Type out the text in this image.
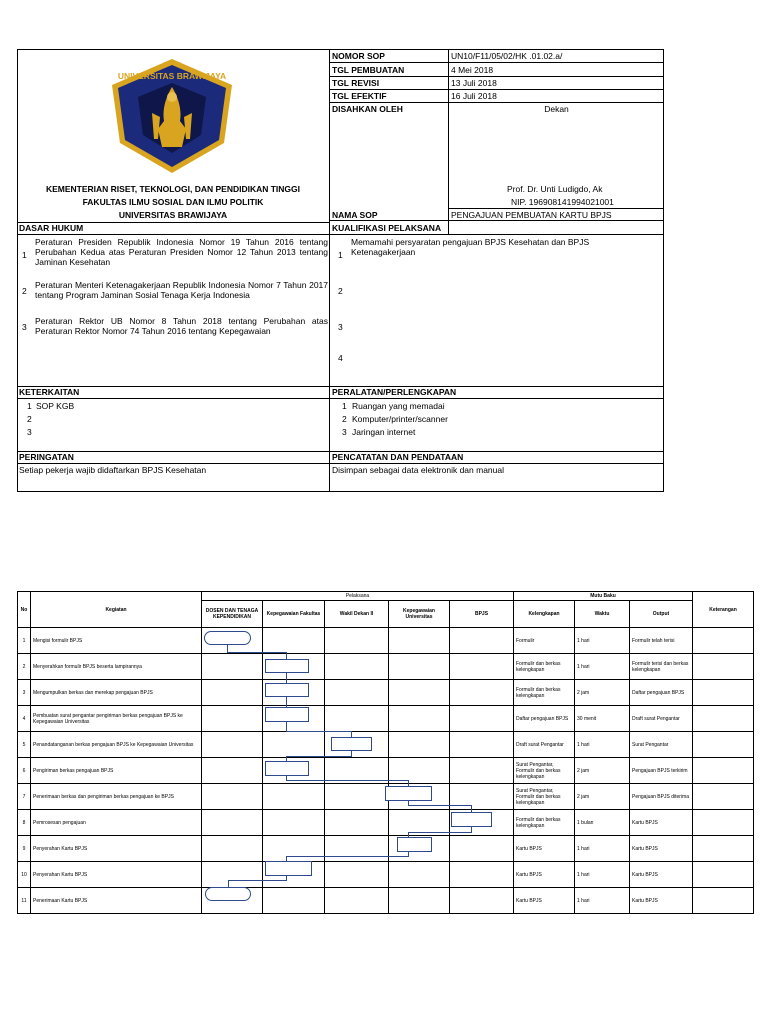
UNIVERSITAS BRAWIJAYA
KEMENTERIAN RISET, TEKNOLOGI, DAN PENDIDIKAN TINGGI
FAKULTAS ILMU SOSIAL DAN ILMU POLITIK
UNIVERSITAS BRAWIJAYA
NOMOR SOP	UN10/F11/05/02/HK .01.02.a/
TGL PEMBUATAN	4 Mei 2018
TGL REVISI	13 Juli 2018
TGL EFEKTIF	16 Juli 2018
DISAHKAN OLEH	Dekan
Prof. Dr. Unti Ludigdo, Ak
NIP. 196908141994021001
NAMA SOP	PENGAJUAN PEMBUATAN KARTU BPJS
DASAR HUKUM	KUALIFIKASI PELAKSANA
1
Peraturan Presiden Republik Indonesia Nomor 19 Tahun 2016 tentang Perubahan Kedua atas Peraturan Presiden Nomor 12 Tahun 2013 tentang Jaminan Kesehatan
2
Peraturan Menteri Ketenagakerjaan Republik Indonesia Nomor 7 Tahun 2017 tentang Program Jaminan Sosial Tenaga Kerja Indonesia
3
Peraturan Rektor UB Nomor 8 Tahun 2018 tentang Perubahan atas Peraturan Rektor Nomor 74 Tahun 2016 tentang Kepegawaian
1
Memamahi persyaratan pengajuan BPJS Kesehatan dan BPJS Ketenagakerjaan
2
3
4
KETERKAITAN	PERALATAN/PERLENGKAPAN
1 SOP KGB
2
3
1 Ruangan yang memadai
2 Komputer/printer/scanner
3 Jaringan internet
PERINGATAN	PENCATATAN DAN PENDATAAN
Setiap pekerja wajib didaftarkan BPJS Kesehatan	Disimpan sebagai data elektronik dan manual
No	Kegiatan	Pelaksana					Mutu Baku			Keterangan
		DOSEN DAN TENAGA KEPENDIDIKAN	Kepegawaian Fakultas	Wakil Dekan II	Kepegawaian Universitas	BPJS	Kelengkapan	Waktu	Output	
1	Mengisi formulir BPJS						Formulir	1 hari	Formulir telah terisi	
2	Menyerahkan formulir BPJS beserta lampirannya						Formulir dan berkas kelengkapan	1 hari	Formulir terisi dan berkas kelengkapan	
3	Mengumpulkan berkas dan merekap pengajuan BPJS						Formulir dan berkas kelengkapan	2 jam	Daftar pengajuan BPJS	
4	Pembuatan surat pengantar pengiriman berkas pengajuan BPJS ke Kepegawaian Universitas						Daftar pengajuan BPJS	30 menit	Draft surat Pengantar	
5	Penandatanganan berkas pengajuan BPJS ke Kepegawaian Universitas						Draft surat Pengantar	1 hari	Surat Pengantar	
6	Pengiriman berkas pengajuan BPJS						Surat Pengantar, Formulir dan berkas kelengkapan	2 jam	Pengajuan BPJS terkirim	
7	Penerimaan berkas dan pengiriman berkas pengajuan ke BPJS						Surat Pengantar, Formulir dan berkas kelengkapan	2 jam	Pengajuan BPJS diterima	
8	Pemrosesan pengajuan						Formulir dan berkas kelengkapan	1 bulan	Kartu BPJS	
9	Penyerahan Kartu BPJS						Kartu BPJS	1 hari	Kartu BPJS	
10	Penyerahan Kartu BPJS						Kartu BPJS	1 hari	Kartu BPJS	
11	Penerimaan Kartu BPJS						Kartu BPJS	1 hari	Kartu BPJS	
